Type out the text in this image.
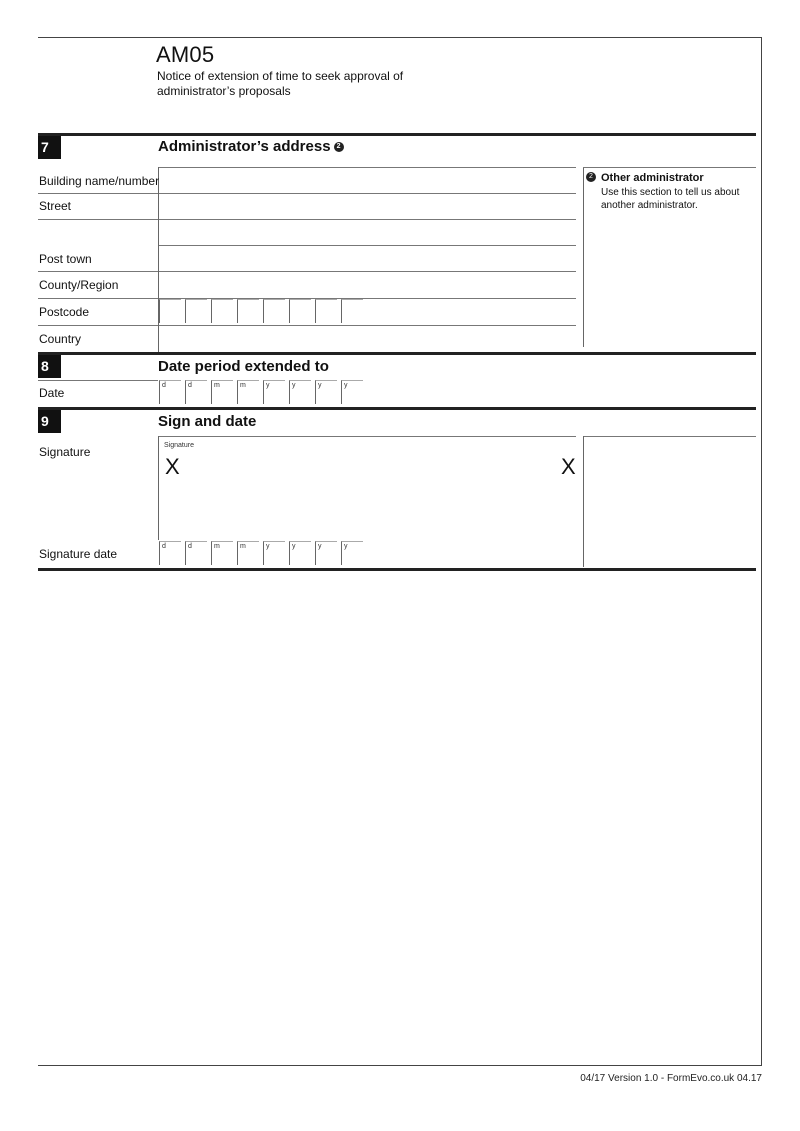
AM05
Notice of extension of time to seek approval of administrator’s proposals
7	Administrator’s address 2
Building name/number
Street
Post town
County/Region
Postcode
Country
2 Other administrator
Use this section to tell us about another administrator.
8	Date period extended to
Date
d	d	m	m	y	y	y	y
9	Sign and date
Signature	Signature
X	X
Signature date
d	d	m	m	y	y	y	y
04/17 Version 1.0 - FormEvo.co.uk 04.17
